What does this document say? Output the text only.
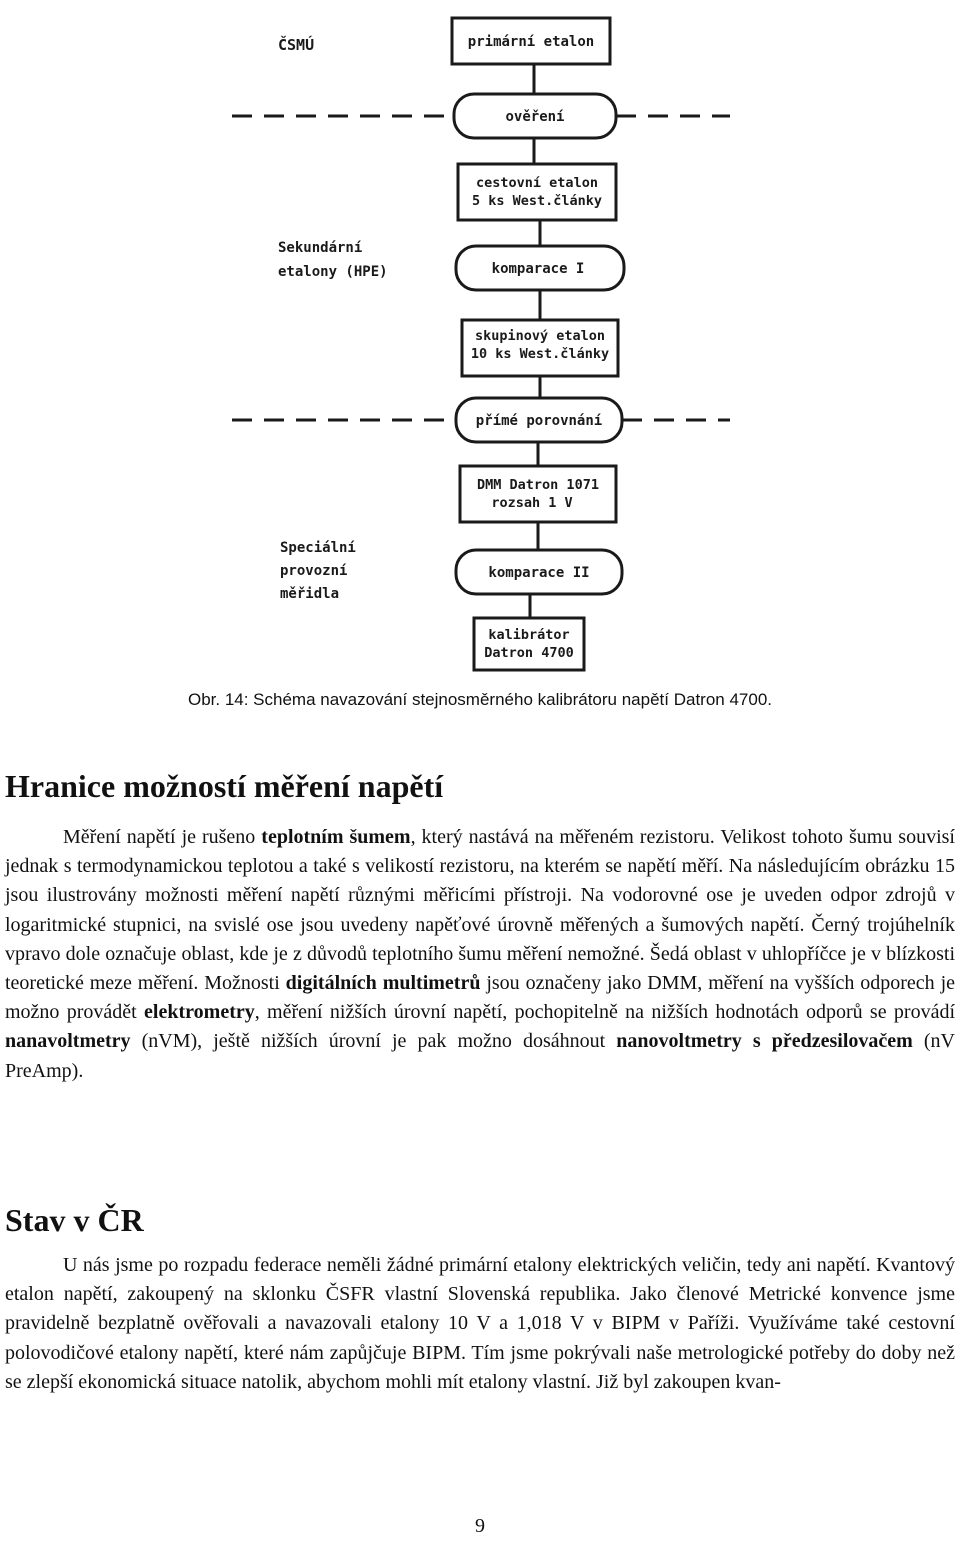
ČSMÚ
Sekundární
etalony (HPE)
Speciální
provozní
měřidla
primární etalon
ověření
cestovní etalon
5 ks West.články
komparace I
skupinový etalon
10 ks West.články
přímé porovnání
DMM Datron 1071
rozsah 1 V
komparace II
kalibrátor
Datron 4700
Obr. 14: Schéma navazování stejnosměrného kalibrátoru napětí Datron 4700.
Hranice možností měření napětí

Měření napětí je rušeno teplotním šumem, který nastává na měřeném rezistoru. Velikost tohoto šumu souvisí jednak s termodynamickou teplotou a také s velikostí rezistoru, na kterém se napětí měří. Na následujícím obrázku 15 jsou ilustrovány možnosti měření napětí různými měřicími přístroji. Na vodorovné ose je uveden odpor zdrojů v logaritmické stupnici, na svislé ose jsou uvedeny napěťové úrovně měřených a šumových napětí. Černý trojúhelník vpravo dole označuje oblast, kde je z důvodů teplotního šumu měření nemožné. Šedá oblast v uhlopříčce je v blízkosti teoretické meze měření. Možnosti digitálních multimetrů jsou označeny jako DMM, měření na vyšších odporech je možno provádět elektrometry, měření nižších úrovní napětí, pochopitelně na nižších hodnotách odporů se provádí nanavoltmetry (nVM), ještě nižších úrovní je pak možno dosáhnout nanovoltmetry s předzesilovačem (nV PreAmp).

Stav v ČR

U nás jsme po rozpadu federace neměli žádné primární etalony elektrických veličin, tedy ani napětí. Kvantový etalon napětí, zakoupený na sklonku ČSFR vlastní Slovenská republika. Jako členové Metrické konvence jsme pravidelně bezplatně ověřovali a navazovali etalony 10 V a 1,018 V v BIPM v Paříži. Využíváme také cestovní polovodičové etalony napětí, které nám zapůjčuje BIPM. Tím jsme pokrývali naše metrologické potřeby do doby než se zlepší ekonomická situace natolik, abychom mohli mít etalony vlastní. Již byl zakoupen kvan-

9
